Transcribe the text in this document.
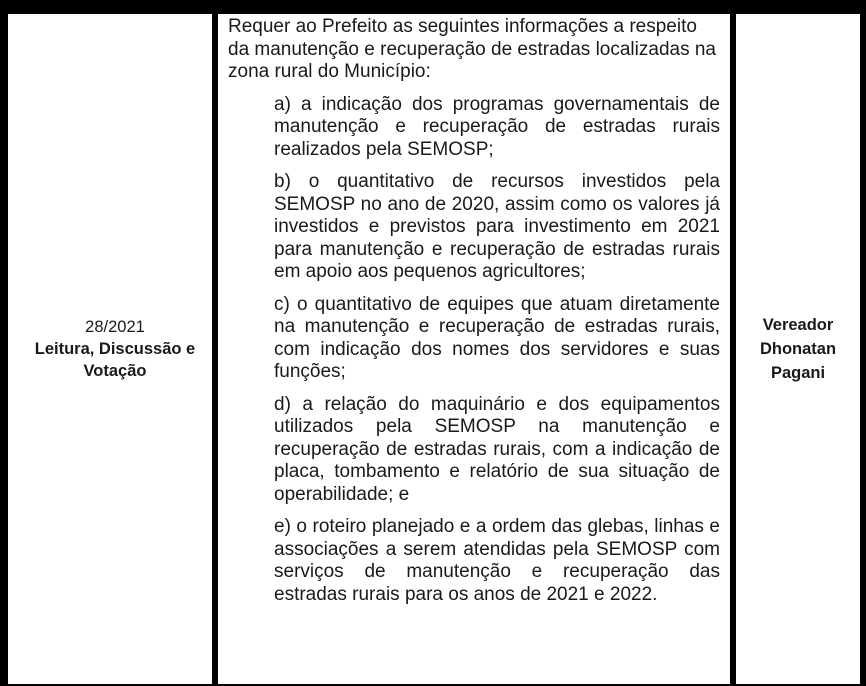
28/2021
Leitura, Discussão e Votação

Requer ao Prefeito as seguintes informações a respeito da manutenção e recuperação de estradas localizadas na zona rural do Município:

a) a indicação dos programas governamentais de manutenção e recuperação de estradas rurais realizados pela SEMOSP;
b) o quantitativo de recursos investidos pela SEMOSP no ano de 2020, assim como os valores já investidos e previstos para investimento em 2021 para manutenção e recuperação de estradas rurais em apoio aos pequenos agricultores;
c) o quantitativo de equipes que atuam diretamente na manutenção e recuperação de estradas rurais, com indicação dos nomes dos servidores e suas funções;
d) a relação do maquinário e dos equipamentos utilizados pela SEMOSP na manutenção e recuperação de estradas rurais, com a indicação de placa, tombamento e relatório de sua situação de operabilidade; e
e) o roteiro planejado e a ordem das glebas, linhas e associações a serem atendidas pela SEMOSP com serviços de manutenção e recuperação das estradas rurais para os anos de 2021 e 2022.
Vereador
Dhonatan
Pagani
